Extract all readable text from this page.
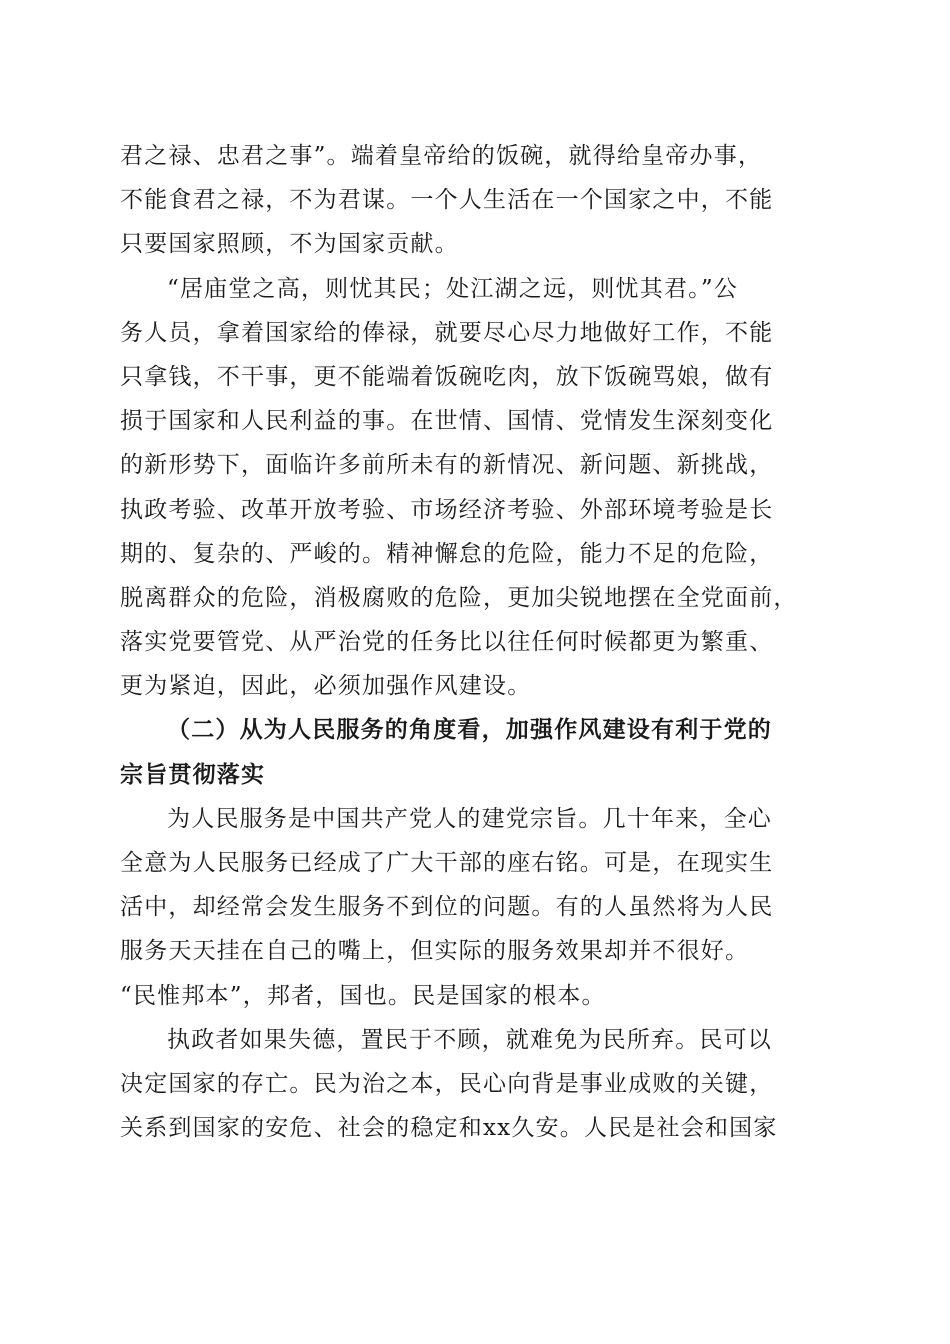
君之禄、忠君之事”。端着皇帝给的饭碗，就得给皇帝办事，
不能食君之禄，不为君谋。一个人生活在一个国家之中，不能
只要国家照顾，不为国家贡献。
“居庙堂之高，则忧其民；处江湖之远，则忧其君。”公
务人员，拿着国家给的俸禄，就要尽心尽力地做好工作，不能
只拿钱，不干事，更不能端着饭碗吃肉，放下饭碗骂娘，做有
损于国家和人民利益的事。在世情、国情、党情发生深刻变化
的新形势下，面临许多前所未有的新情况、新问题、新挑战，
执政考验、改革开放考验、市场经济考验、外部环境考验是长
期的、复杂的、严峻的。精神懈怠的危险，能力不足的危险，
脱离群众的危险，消极腐败的危险，更加尖锐地摆在全党面前，
落实党要管党、从严治党的任务比以往任何时候都更为繁重、
更为紧迫，因此，必须加强作风建设。
（二）从为人民服务的角度看，加强作风建设有利于党的
宗旨贯彻落实
为人民服务是中国共产党人的建党宗旨。几十年来，全心
全意为人民服务已经成了广大干部的座右铭。可是，在现实生
活中，却经常会发生服务不到位的问题。有的人虽然将为人民
服务天天挂在自己的嘴上，但实际的服务效果却并不很好。
“民惟邦本”，邦者，国也。民是国家的根本。
执政者如果失德，置民于不顾，就难免为民所弃。民可以
决定国家的存亡。民为治之本，民心向背是事业成败的关键，
关系到国家的安危、社会的稳定和xx久安。人民是社会和国家
